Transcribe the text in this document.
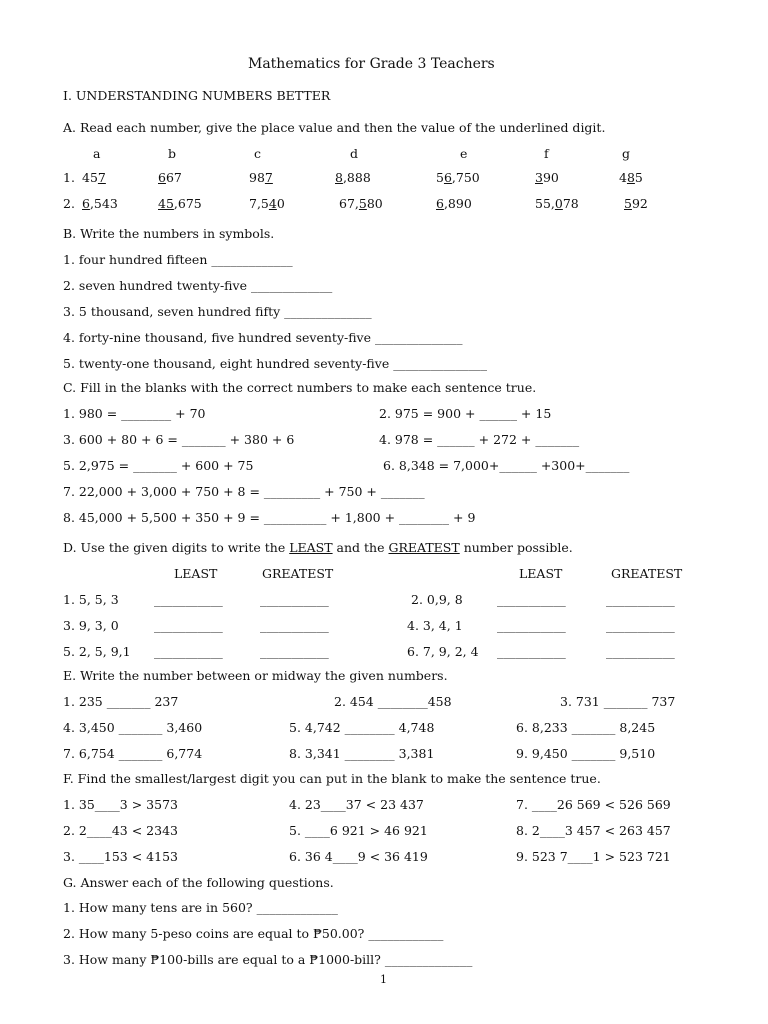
Mathematics for Grade 3 Teachers
I. UNDERSTANDING NUMBERS BETTER
A. Read each number, give the place value and then the value of the underlined digit.
a	b	c	d	e	f	g
1. 457	667	987	8,888	56,750	390	485
2. 6,543	45,675	7,540	67,580	6,890	55,078	592
B. Write the numbers in symbols.
1. four hundred fifteen _____________
2. seven hundred twenty-five _____________
3. 5 thousand, seven hundred fifty ______________
4. forty-nine thousand, five hundred seventy-five ______________
5. twenty-one thousand, eight hundred seventy-five _______________
C. Fill in the blanks with the correct numbers to make each sentence true.
1. 980 = ________ + 70	2. 975 = 900 + ______ + 15
3. 600 + 80 + 6 = _______ + 380 + 6	4. 978 = ______ + 272 + _______
5. 2,975 = _______ + 600 + 75	6. 8,348 = 7,000+______ +300+_______
7. 22,000 + 3,000 + 750 + 8 = _________ + 750 + _______
8. 45,000 + 5,500 + 350 + 9 = __________ + 1,800 + ________ + 9
D. Use the given digits to write the LEAST and the GREATEST number possible.
LEAST	GREATEST	LEAST	GREATEST
1. 5, 5, 3	___________	___________	2. 0,9, 8	___________	___________
3. 9, 3, 0	___________	___________	4. 3, 4, 1	___________	___________
5. 2, 5, 9,1 ___________	___________	6. 7, 9, 2, 4 ___________	___________
E. Write the number between or midway the given numbers.
1. 235 _______ 237	2. 454 ________458	3. 731 _______ 737
4. 3,450 _______ 3,460	5. 4,742 ________ 4,748	6. 8,233 _______ 8,245
7. 6,754 _______ 6,774	8. 3,341 ________ 3,381	9. 9,450 _______ 9,510
F. Find the smallest/largest digit you can put in the blank to make the sentence true.
1. 35____3 > 3573	4. 23____37 < 23 437	7. ____26 569 < 526 569
2. 2____43 < 2343	5. ____6 921 > 46 921	8. 2____3 457 < 263 457
3. ____153 < 4153	6. 36 4____9 < 36 419	9. 523 7____1 > 523 721
G. Answer each of the following questions.
1. How many tens are in 560? _____________
2. How many 5-peso coins are equal to ₱50.00? ____________
3. How many ₱100-bills are equal to a ₱1000-bill? ______________
1
